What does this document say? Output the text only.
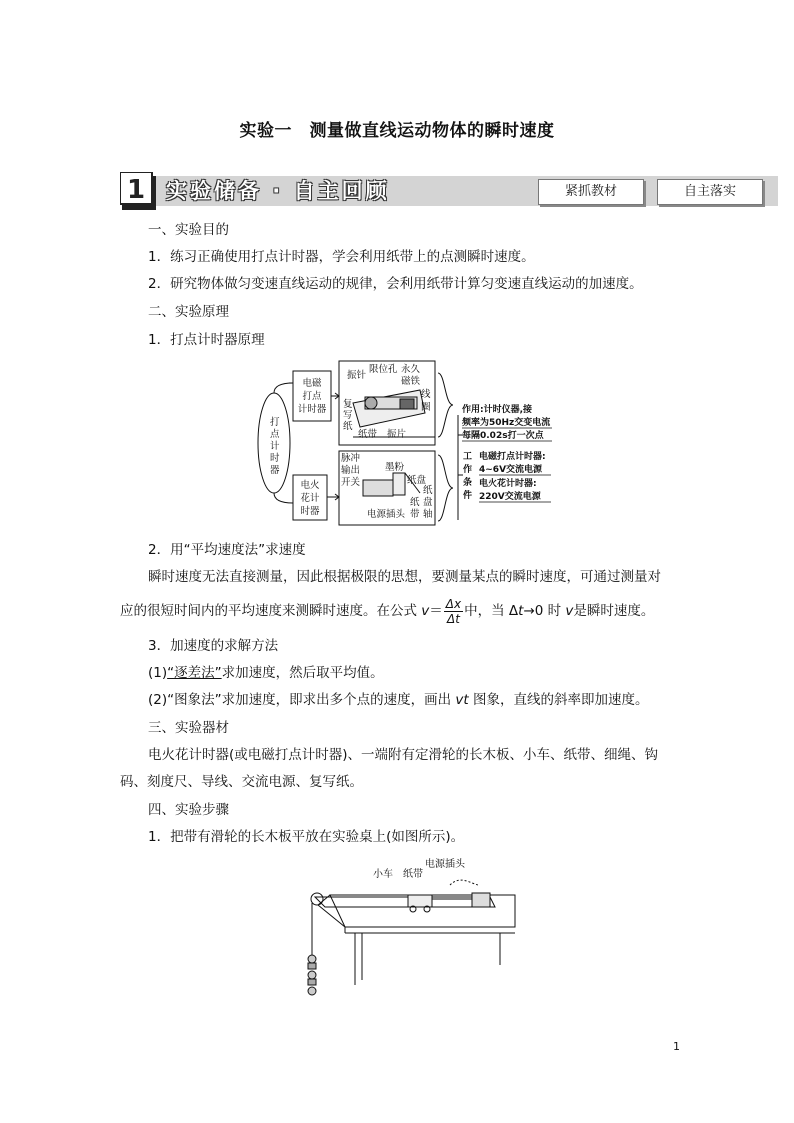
实验一　测量做直线运动物体的瞬时速度
1 实验储备 · 自主回顾	紧抓教材	自主落实
一、实验目的
1．练习正确使用打点计时器，学会利用纸带上的点测瞬时速度。
2．研究物体做匀变速直线运动的规律，会利用纸带计算匀变速直线运动的加速度。
二、实验原理
1．打点计时器原理
打
点
计
时
器
电磁
打点
计时器
电火
花计
时器
振针
限位孔 永久
磁铁
线
圈
复
写
纸
纸带 振片
脉冲
输出
开关
墨粉
纸盘
纸
盘
轴
纸
带
电源插头
作用:计时仪器,接
频率为50Hz交变电流
每隔0.02s打一次点
工
作
条
件
电磁打点计时器:
4~6V交流电源
电火花计时器:
220V交流电源
2．用“平均速度法”求速度
瞬时速度无法直接测量，因此根据极限的思想，要测量某点的瞬时速度，可通过测量对
应的很短时间内的平均速度来测瞬时速度。在公式 $v= \frac{\Delta x}{\Delta t}$ 中，当 Δt→0 时 v是瞬时速度。
3．加速度的求解方法
(1)“逐差法”求加速度，然后取平均值。
(2)“图象法”求加速度，即求出多个点的速度，画出 vt 图象，直线的斜率即加速度。
三、实验器材
电火花计时器(或电磁打点计时器)、一端附有定滑轮的长木板、小车、纸带、细绳、钩
码、刻度尺、导线、交流电源、复写纸。
四、实验步骤
1．把带有滑轮的长木板平放在实验桌上(如图所示)。
小车 纸带
电源插头
1
